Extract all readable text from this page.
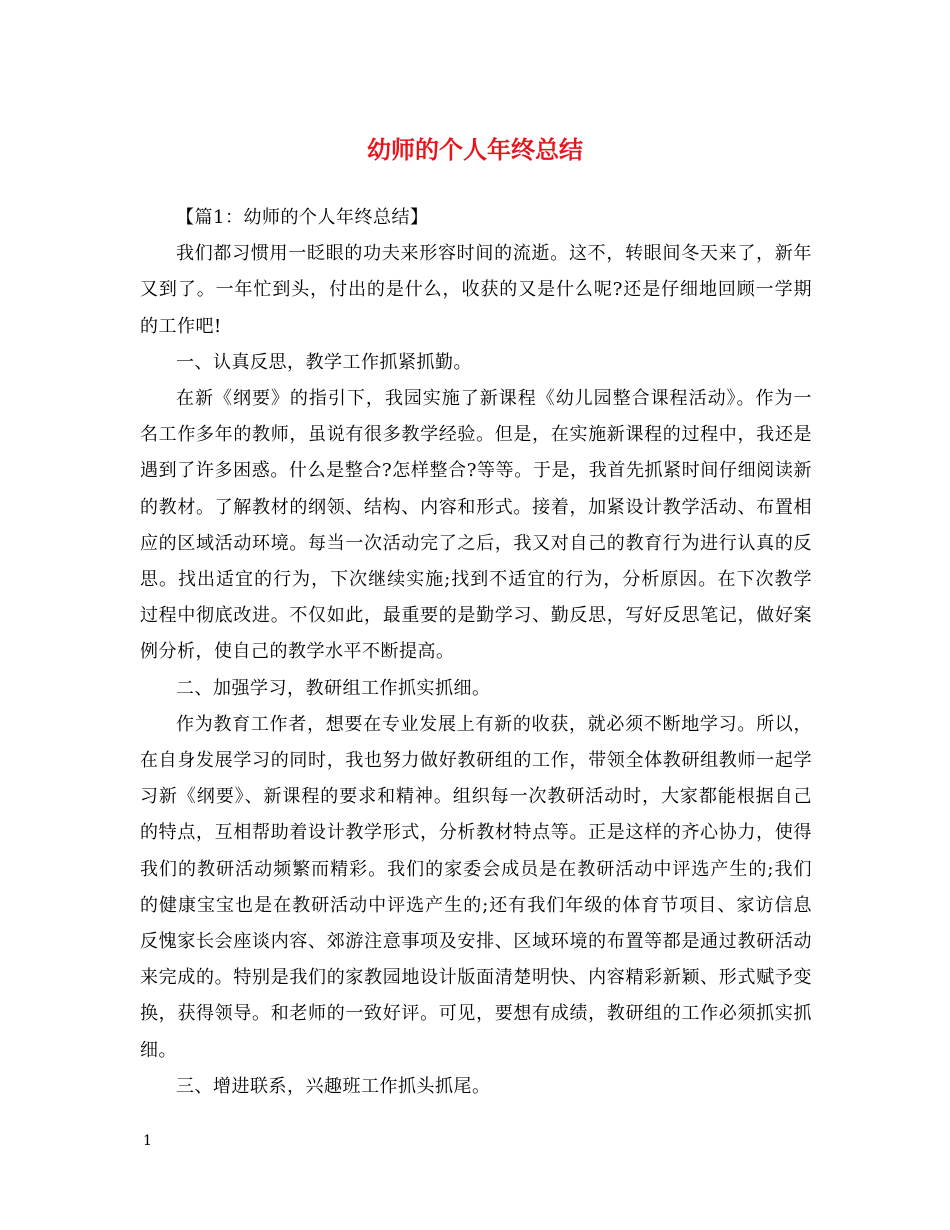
幼师的个人年终总结

【篇1：幼师的个人年终总结】

我们都习惯用一眨眼的功夫来形容时间的流逝。这不，转眼间冬天来了，新年又到了。一年忙到头，付出的是什么，收获的又是什么呢?还是仔细地回顾一学期的工作吧!

一、认真反思，教学工作抓紧抓勤。

在新《纲要》的指引下，我园实施了新课程《幼儿园整合课程活动》。作为一名工作多年的教师，虽说有很多教学经验。但是，在实施新课程的过程中，我还是遇到了许多困惑。什么是整合?怎样整合?等等。于是，我首先抓紧时间仔细阅读新的教材。了解教材的纲领、结构、内容和形式。接着，加紧设计教学活动、布置相应的区域活动环境。每当一次活动完了之后，我又对自己的教育行为进行认真的反思。找出适宜的行为，下次继续实施;找到不适宜的行为，分析原因。在下次教学过程中彻底改进。不仅如此，最重要的是勤学习、勤反思，写好反思笔记，做好案例分析，使自己的教学水平不断提高。

二、加强学习，教研组工作抓实抓细。

作为教育工作者，想要在专业发展上有新的收获，就必须不断地学习。所以，在自身发展学习的同时，我也努力做好教研组的工作，带领全体教研组教师一起学习新《纲要》、新课程的要求和精神。组织每一次教研活动时，大家都能根据自己的特点，互相帮助着设计教学形式，分析教材特点等。正是这样的齐心协力，使得我们的教研活动频繁而精彩。我们的家委会成员是在教研活动中评选产生的;我们的健康宝宝也是在教研活动中评选产生的;还有我们年级的体育节项目、家访信息反愧家长会座谈内容、郊游注意事项及安排、区域环境的布置等都是通过教研活动来完成的。特别是我们的家教园地设计版面清楚明快、内容精彩新颖、形式赋予变换，获得领导。和老师的一致好评。可见，要想有成绩，教研组的工作必须抓实抓细。

三、增进联系，兴趣班工作抓头抓尾。

1
